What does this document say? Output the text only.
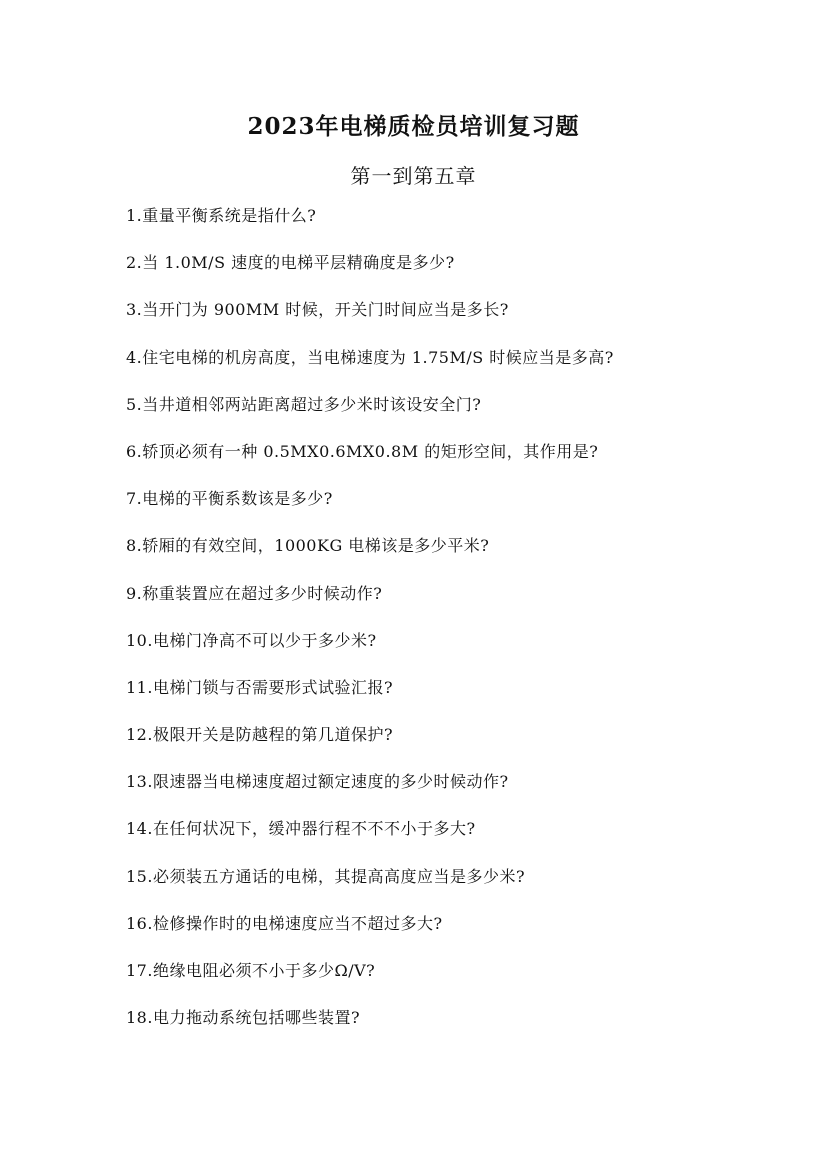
2023年电梯质检员培训复习题
第一到第五章
1.重量平衡系统是指什么?
2.当 1.0M/S 速度的电梯平层精确度是多少?
3.当开门为 900MM 时候，开关门时间应当是多长?
4.住宅电梯的机房高度，当电梯速度为 1.75M/S 时候应当是多高?
5.当井道相邻两站距离超过多少米时该设安全门?
6.轿顶必须有一种 0.5MX0.6MX0.8M 的矩形空间，其作用是?
7.电梯的平衡系数该是多少?
8.轿厢的有效空间，1000KG 电梯该是多少平米?
9.称重装置应在超过多少时候动作?
10.电梯门净高不可以少于多少米?
11.电梯门锁与否需要形式试验汇报?
12.极限开关是防越程的第几道保护?
13.限速器当电梯速度超过额定速度的多少时候动作?
14.在任何状况下，缓冲器行程不不不小于多大?
15.必须装五方通话的电梯，其提高高度应当是多少米?
16.检修操作时的电梯速度应当不超过多大?
17.绝缘电阻必须不小于多少Ω/V?
18.电力拖动系统包括哪些装置?
